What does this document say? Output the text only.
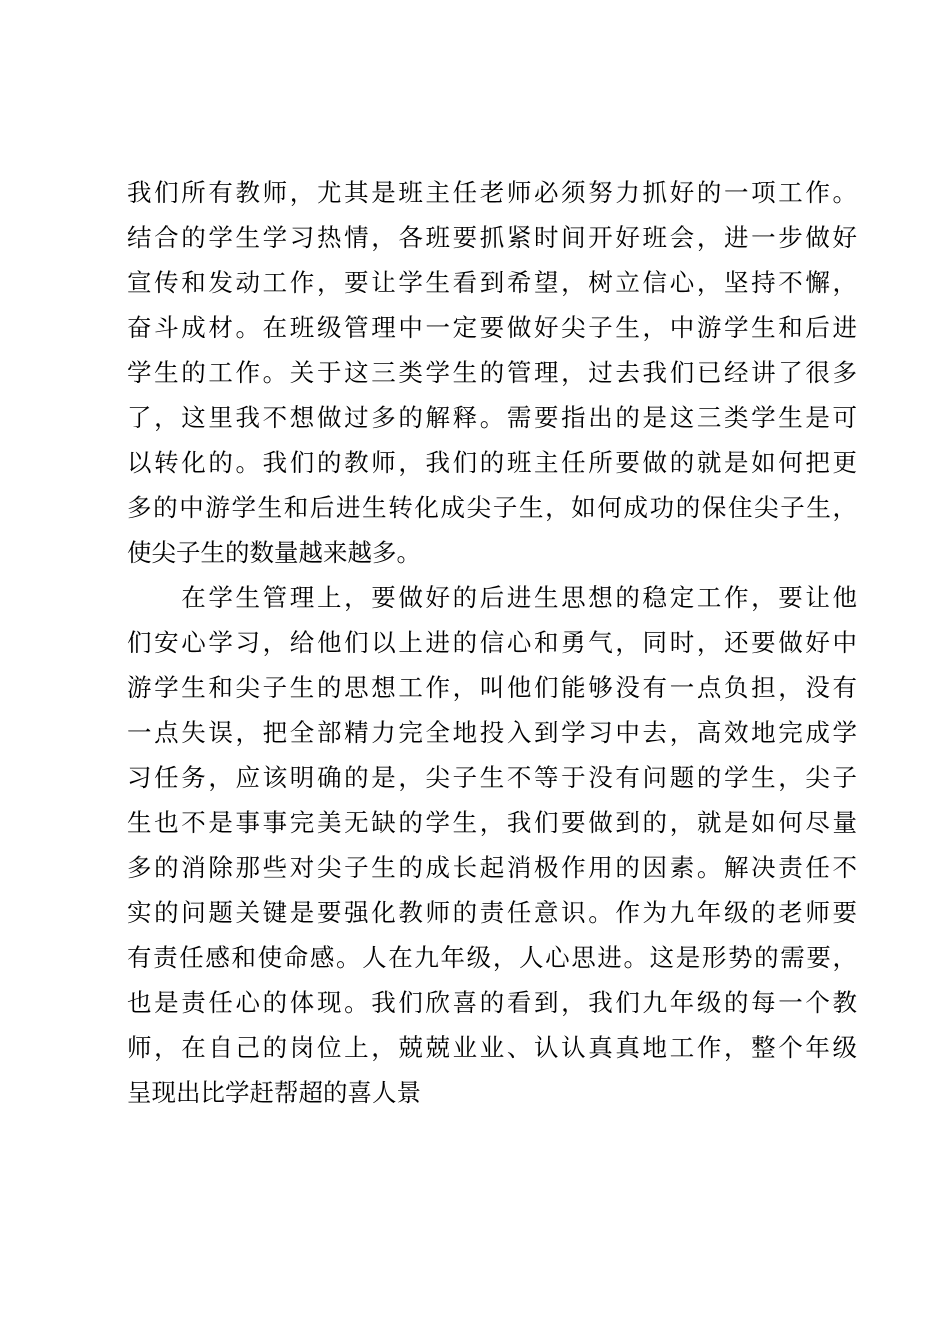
我们所有教师，尤其是班主任老师必须努力抓好的一项工作。
结合的学生学习热情，各班要抓紧时间开好班会，进一步做好
宣传和发动工作，要让学生看到希望，树立信心，坚持不懈，
奋斗成材。在班级管理中一定要做好尖子生，中游学生和后进
学生的工作。关于这三类学生的管理，过去我们已经讲了很多
了，这里我不想做过多的解释。需要指出的是这三类学生是可
以转化的。我们的教师，我们的班主任所要做的就是如何把更
多的中游学生和后进生转化成尖子生，如何成功的保住尖子生，
使尖子生的数量越来越多。
　　在学生管理上，要做好的后进生思想的稳定工作，要让他
们安心学习，给他们以上进的信心和勇气，同时，还要做好中
游学生和尖子生的思想工作，叫他们能够没有一点负担，没有
一点失误，把全部精力完全地投入到学习中去，高效地完成学
习任务，应该明确的是，尖子生不等于没有问题的学生，尖子
生也不是事事完美无缺的学生，我们要做到的，就是如何尽量
多的消除那些对尖子生的成长起消极作用的因素。解决责任不
实的问题关键是要强化教师的责任意识。作为九年级的老师要
有责任感和使命感。人在九年级，人心思进。这是形势的需要，
也是责任心的体现。我们欣喜的看到，我们九年级的每一个教
师，在自己的岗位上，兢兢业业、认认真真地工作，整个年级
呈现出比学赶帮超的喜人景
